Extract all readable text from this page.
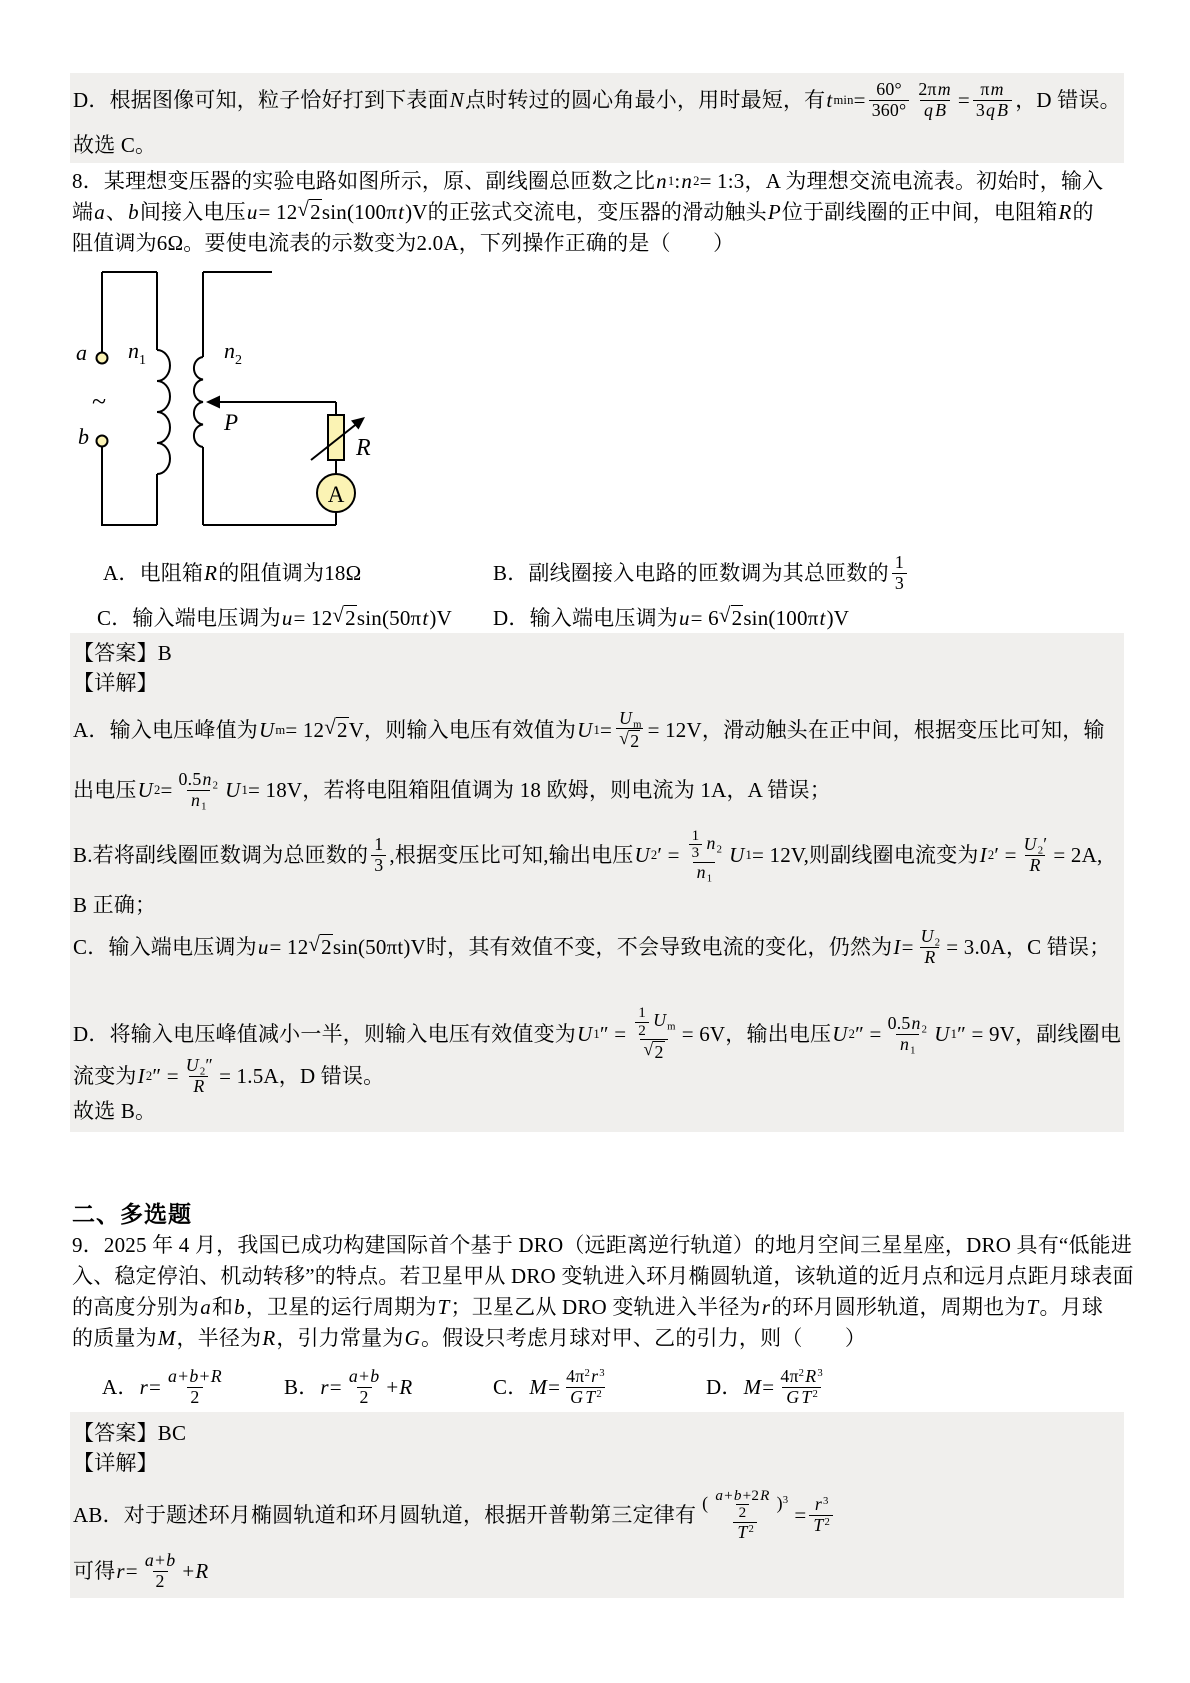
D．根据图像可知，粒子恰好打到下表面 N 点时转过的圆心角最小，用时最短，有 t $\min = \frac{60^\circ}{360^\circ} \frac{2\pi m}{\text{q B}} = \frac{\pi m}{\text{3q B}}$ ，D 错误。
故选 C。
8．某理想变压器的实验电路如图所示，原、副线圈总匝数之比 n 1 : n 2 = 1:3，A 为理想交流电流表。初始时，输入
端 a 、 b 间接入电压 u = 12 √ 2 sin(100π t )V的正弦式交流电，变压器的滑动触头 P 位于副线圈的正中间，电阻箱 R 的
阻值调为6Ω。要使电流表的示数变为2.0A，下列操作正确的是（　　）
a
~
b
$n_1$	$n_2$
P
R
A
A．电阻箱 R 的阻值调为18Ω	B．副线圈接入电路的匝数调为其总匝数的 $\frac{1}{3}$
C．输入端电压调为 u = 12 √ 2 sin(50π t )V D．输入端电压调为 u = 6 √ 2 sin(100π t )V
【答案】B
【详解】
A．输入电压峰值为 U m = 12 √ 2 V，则输入电压有效值为 U $1 = \frac{U_m}{√ 2} = 12V$，滑动触头在正中间，根据变压比可知，输
出电压 U $2 = \frac{0.5n_2}{n_1}$ U 1 = 18V，若将电阻箱阻值调为 18 欧姆，则电流为 1A，A 错误；
B.若将副线圈匝数调为总匝数的 $\frac{1}{3}$ ,根据变压比可知,输出电压 U 2 ′ = $\frac{\frac{1}{3} n_2}{n_1}$ U 1 = 12V,则副线圈电流变为 I 2 ′ = $\frac{U_2'}{R} = 2A$,
B 正确；
C．输入端电压调为 u = 12 √ 2 sin(50πt)V时，其有效值不变，不会导致电流的变化，仍然为 $I = \frac{U_2}{R} = 3.0A$，C 错误；
D．将输入电压峰值减小一半，则输入电压有效值变为 U 1 ″ = $\frac{\frac{1}{2} U_m}{√ 2} = 6V$，输出电压 U 2 ″ = $\frac{0.5n_2}{n_1}$ U 1 ″ = 9V，副线圈电
流变为 I 2 ″ = $\frac{U_2''}{R} = 1.5A$，D 错误。
故选 B。
二、多选题
9．2025 年 4 月，我国已成功构建国际首个基于 DRO（远距离逆行轨道）的地月空间三星星座，DRO 具有“低能进
入、稳定停泊、机动转移”的特点。若卫星甲从 DRO 变轨进入环月椭圆轨道，该轨道的近月点和远月点距月球表面
的高度分别为 a 和 b ，卫星的运行周期为 T ；卫星乙从 DRO 变轨进入半径为 r 的环月圆形轨道，周期也为 T 。月球
的质量为 M ，半径为 R ，引力常量为 G 。假设只考虑月球对甲、乙的引力，则（　　）
A． $r = \frac{a+b+R}{2}$	B． $r = \frac{a+b}{2} + R$	C． $M = \frac{4\pi^2r^3}{G T^2}$	D． $M = \frac{4\pi^2R^3}{G T^2}$
【答案】BC
【详解】
AB．对于题述环月椭圆轨道和环月圆轨道，根据开普勒第三定律有 $\frac{( \frac{a+b+2R}{2} )^3}{T^2} = \frac{r^3}{T^2}$
可得 $r = \frac{a+b}{2} + R$
